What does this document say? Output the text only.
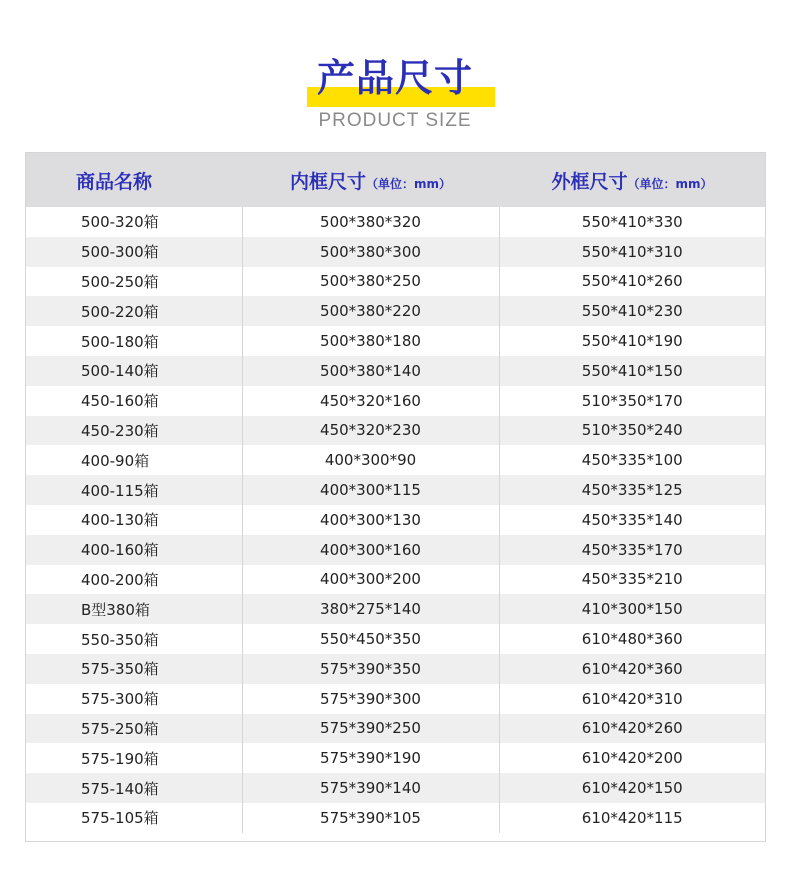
产品尺寸
PRODUCT SIZE
商品名称	内框尺寸（单位：mm）	外框尺寸（单位：mm）
500-320箱	500*380*320	550*410*330
500-300箱	500*380*300	550*410*310
500-250箱	500*380*250	550*410*260
500-220箱	500*380*220	550*410*230
500-180箱	500*380*180	550*410*190
500-140箱	500*380*140	550*410*150
450-160箱	450*320*160	510*350*170
450-230箱	450*320*230	510*350*240
400-90箱	400*300*90	450*335*100
400-115箱	400*300*115	450*335*125
400-130箱	400*300*130	450*335*140
400-160箱	400*300*160	450*335*170
400-200箱	400*300*200	450*335*210
B型380箱	380*275*140	410*300*150
550-350箱	550*450*350	610*480*360
575-350箱	575*390*350	610*420*360
575-300箱	575*390*300	610*420*310
575-250箱	575*390*250	610*420*260
575-190箱	575*390*190	610*420*200
575-140箱	575*390*140	610*420*150
575-105箱	575*390*105	610*420*115
